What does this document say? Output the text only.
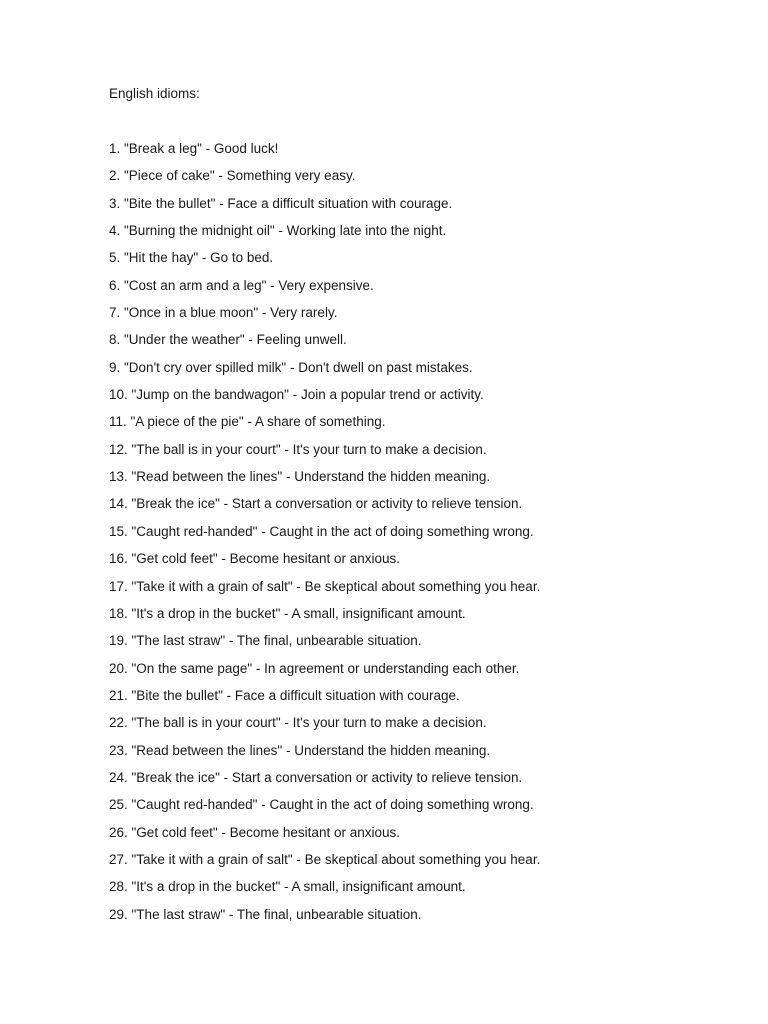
English idioms:
1. "Break a leg" - Good luck!
2. "Piece of cake" - Something very easy.
3. "Bite the bullet" - Face a difficult situation with courage.
4. "Burning the midnight oil" - Working late into the night.
5. "Hit the hay" - Go to bed.
6. "Cost an arm and a leg" - Very expensive.
7. "Once in a blue moon" - Very rarely.
8. "Under the weather" - Feeling unwell.
9. "Don't cry over spilled milk" - Don't dwell on past mistakes.
10. "Jump on the bandwagon" - Join a popular trend or activity.
11. "A piece of the pie" - A share of something.
12. "The ball is in your court" - It's your turn to make a decision.
13. "Read between the lines" - Understand the hidden meaning.
14. "Break the ice" - Start a conversation or activity to relieve tension.
15. "Caught red-handed" - Caught in the act of doing something wrong.
16. "Get cold feet" - Become hesitant or anxious.
17. "Take it with a grain of salt" - Be skeptical about something you hear.
18. "It's a drop in the bucket" - A small, insignificant amount.
19. "The last straw" - The final, unbearable situation.
20. "On the same page" - In agreement or understanding each other.
21. "Bite the bullet" - Face a difficult situation with courage.
22. "The ball is in your court" - It's your turn to make a decision.
23. "Read between the lines" - Understand the hidden meaning.
24. "Break the ice" - Start a conversation or activity to relieve tension.
25. "Caught red-handed" - Caught in the act of doing something wrong.
26. "Get cold feet" - Become hesitant or anxious.
27. "Take it with a grain of salt" - Be skeptical about something you hear.
28. "It's a drop in the bucket" - A small, insignificant amount.
29. "The last straw" - The final, unbearable situation.
